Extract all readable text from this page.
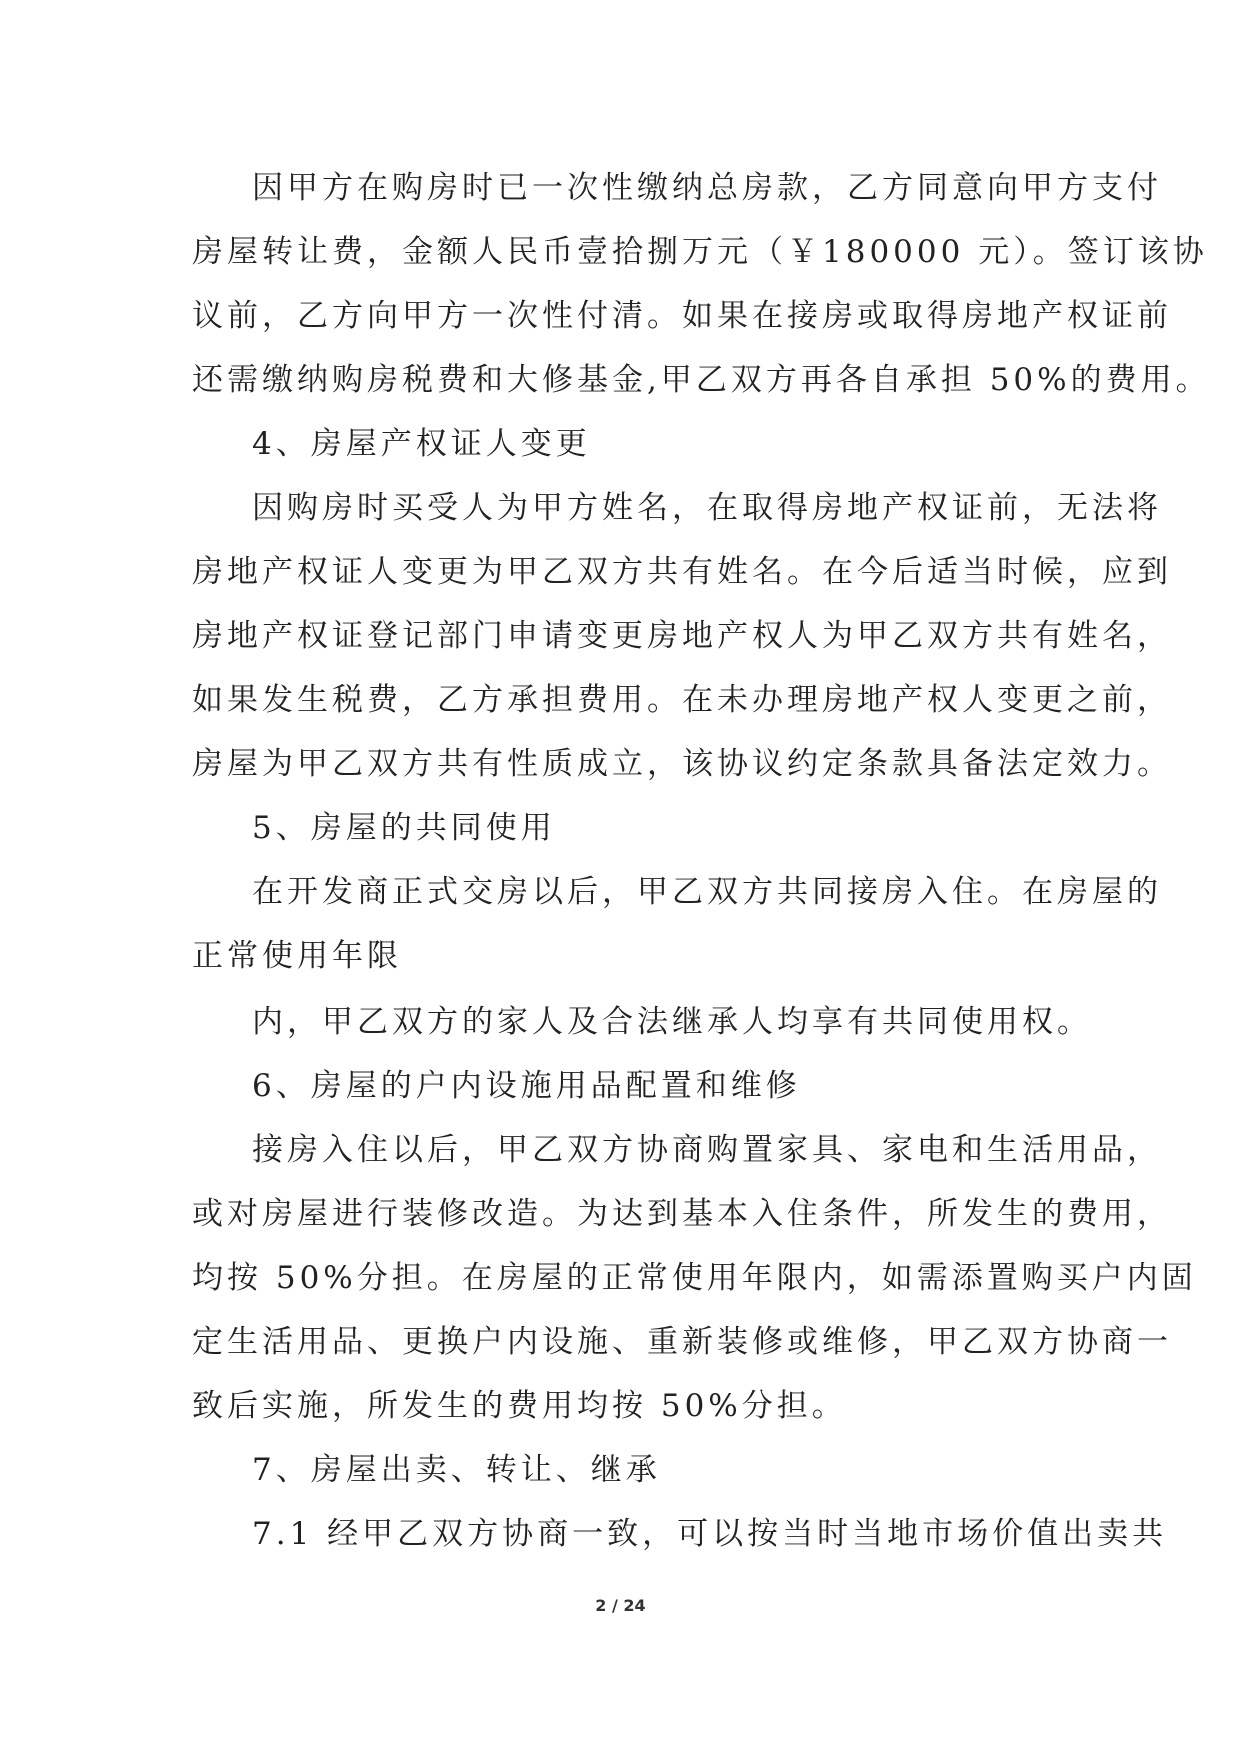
因甲方在购房时已一次性缴纳总房款，乙方同意向甲方支付
房屋转让费，金额人民币壹拾捌万元（￥180000 元）。签订该协
议前，乙方向甲方一次性付清。如果在接房或取得房地产权证前
还需缴纳购房税费和大修基金,甲乙双方再各自承担 50%的费用。
4、房屋产权证人变更
因购房时买受人为甲方姓名，在取得房地产权证前，无法将
房地产权证人变更为甲乙双方共有姓名。在今后适当时候，应到
房地产权证登记部门申请变更房地产权人为甲乙双方共有姓名，
如果发生税费，乙方承担费用。在未办理房地产权人变更之前，
房屋为甲乙双方共有性质成立，该协议约定条款具备法定效力。
5、房屋的共同使用
在开发商正式交房以后，甲乙双方共同接房入住。在房屋的
正常使用年限
内，甲乙双方的家人及合法继承人均享有共同使用权。
6、房屋的户内设施用品配置和维修
接房入住以后，甲乙双方协商购置家具、家电和生活用品，
或对房屋进行装修改造。为达到基本入住条件，所发生的费用，
均按 50%分担。在房屋的正常使用年限内，如需添置购买户内固
定生活用品、更换户内设施、重新装修或维修，甲乙双方协商一
致后实施，所发生的费用均按 50%分担。
7、房屋出卖、转让、继承
7.1 经甲乙双方协商一致，可以按当时当地市场价值出卖共
2 / 24
